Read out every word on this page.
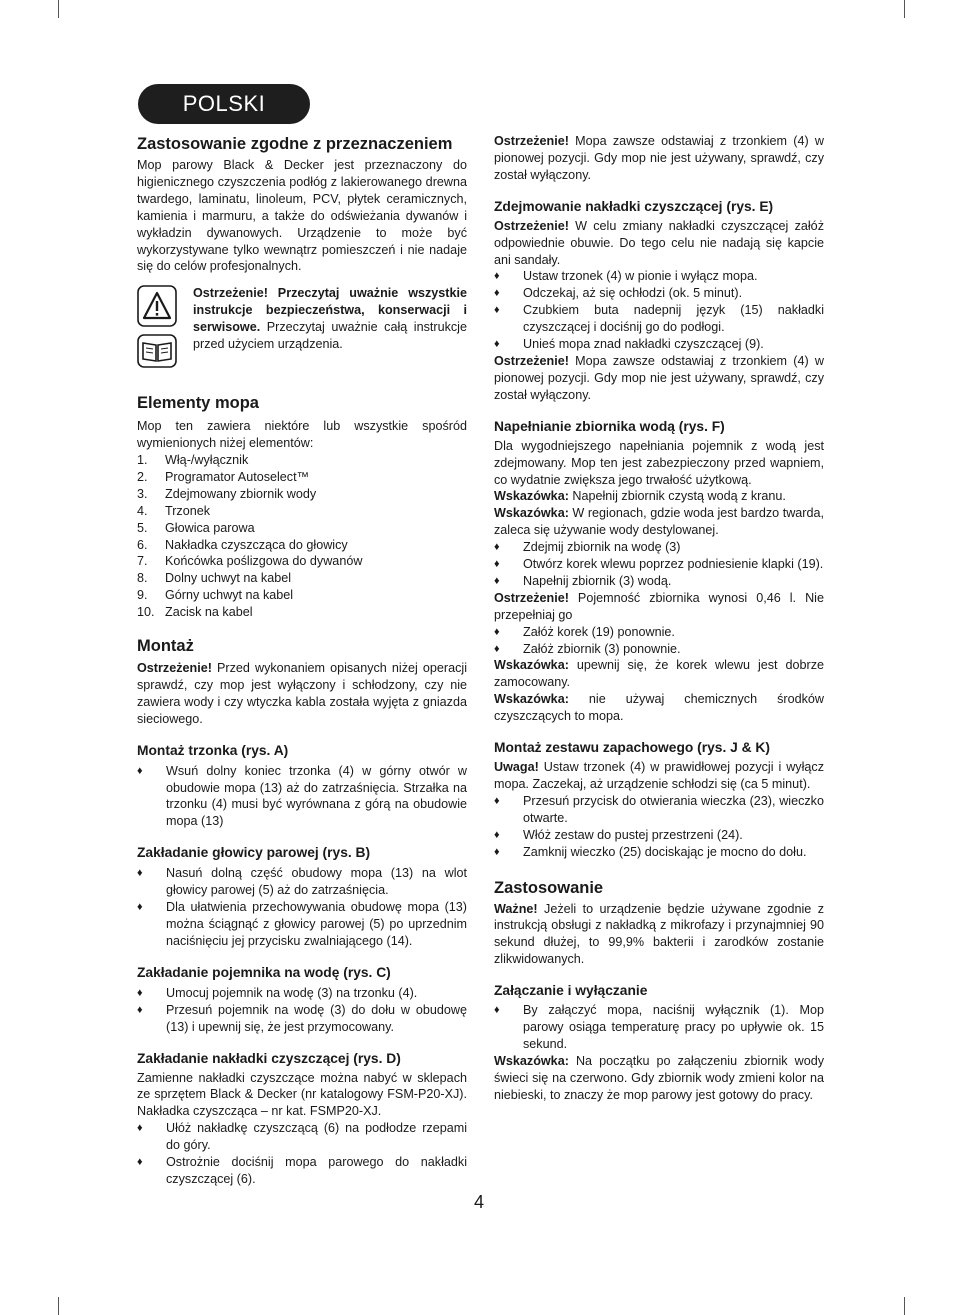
POLSKI
Zastosowanie zgodne z przeznaczeniem

Mop parowy Black & Decker jest przeznaczony do higienicznego czyszczenia podłóg z lakierowanego drewna twardego, laminatu, linoleum, PCV, płytek ceramicznych, kamienia i marmuru, a także do odświeżania dywanów i wykładzin dywanowych. Urządzenie to może być wykorzystywane tylko wewnątrz pomieszczeń i nie nadaje się do celów profesjonalnych.

Ostrzeżenie! Przeczytaj uważnie wszystkie instrukcje bezpieczeństwa, konserwacji i serwisowe. Przeczytaj uważnie całą instrukcje przed użyciem urządzenia.

Elementy mopa

Mop ten zawiera niektóre lub wszystkie spośród wymienionych niżej elementów:

1. Włą-/wyłącznik
2. Programator Autoselect™
3. Zdejmowany zbiornik wody
4. Trzonek
5. Głowica parowa
6. Nakładka czyszcząca do głowicy
7. Końcówka poślizgowa do dywanów
8. Dolny uchwyt na kabel
9. Górny uchwyt na kabel
10. Zacisk na kabel
Montaż

Ostrzeżenie! Przed wykonaniem opisanych niżej operacji sprawdź, czy mop jest wyłączony i schłodzony, czy nie zawiera wody i czy wtyczka kabla została wyjęta z gniazda sieciowego.

Montaż trzonka (rys. A)
♦ Wsuń dolny koniec trzonka (4) w górny otwór w obudowie mopa (13) aż do zatrzaśnięcia. Strzałka na trzonku (4) musi być wyrównana z górą na obudowie mopa (13)
Zakładanie głowicy parowej (rys. B)
♦ Nasuń dolną część obudowy mopa (13) na wlot głowicy parowej (5) aż do zatrzaśnięcia.
♦ Dla ułatwienia przechowywania obudowę mopa (13) można ściągnąć z głowicy parowej (5) po uprzednim naciśnięciu jej przycisku zwalniającego (14).
Zakładanie pojemnika na wodę (rys. C)
♦ Umocuj pojemnik na wodę (3) na trzonku (4).
♦ Przesuń pojemnik na wodę (3) do dołu w obudowę (13) i upewnij się, że jest przymocowany.
Zakładanie nakładki czyszczącej (rys. D)

Zamienne nakładki czyszczące można nabyć w sklepach ze sprzętem Black & Decker (nr katalogowy FSM-P20-XJ). Nakładka czyszcząca – nr kat. FSMP20-XJ.

♦ Ułóż nakładkę czyszczącą (6) na podłodze rzepami do góry.
♦ Ostrożnie dociśnij mopa parowego do nakładki czyszczącej (6).

Ostrzeżenie! Mopa zawsze odstawiaj z trzonkiem (4) w pionowej pozycji. Gdy mop nie jest używany, sprawdź, czy został wyłączony.

Zdejmowanie nakładki czyszczącej (rys. E)

Ostrzeżenie! W celu zmiany nakładki czyszczącej załóż odpowiednie obuwie. Do tego celu nie nadają się kapcie ani sandały.

♦ Ustaw trzonek (4) w pionie i wyłącz mopa.
♦ Odczekaj, aż się ochłodzi (ok. 5 minut).
♦ Czubkiem buta nadepnij język (15) nakładki czyszczącej i dociśnij go do podłogi.
♦ Unieś mopa znad nakładki czyszczącej (9).

Ostrzeżenie! Mopa zawsze odstawiaj z trzonkiem (4) w pionowej pozycji. Gdy mop nie jest używany, sprawdź, czy został wyłączony.

Napełnianie zbiornika wodą (rys. F)

Dla wygodniejszego napełniania pojemnik z wodą jest zdejmowany. Mop ten jest zabezpieczony przed wapniem, co wydatnie zwiększa jego trwałość użytkową.

Wskazówka: Napełnij zbiornik czystą wodą z kranu.

Wskazówka: W regionach, gdzie woda jest bardzo twarda, zaleca się używanie wody destylowanej.

♦ Zdejmij zbiornik na wodę (3)
♦ Otwórz korek wlewu poprzez podniesienie klapki (19).
♦ Napełnij zbiornik (3) wodą.

Ostrzeżenie! Pojemność zbiornika wynosi 0,46 l. Nie przepełniaj go

♦ Załóż korek (19) ponownie.
♦ Załóż zbiornik (3) ponownie.

Wskazówka: upewnij się, że korek wlewu jest dobrze zamocowany.

Wskazówka: nie używaj chemicznych środków czyszczących to mopa.

Montaż zestawu zapachowego (rys. J & K)

Uwaga! Ustaw trzonek (4) w prawidłowej pozycji i wyłącz mopa. Zaczekaj, aż urządzenie schłodzi się (ca 5 minut).

♦ Przesuń przycisk do otwierania wieczka (23), wieczko otwarte.
♦ Włóż zestaw do pustej przestrzeni (24).
♦ Zamknij wieczko (25) dociskając je mocno do dołu.
Zastosowanie

Ważne! Jeżeli to urządzenie będzie używane zgodnie z instrukcją obsługi z nakładką z mikrofazy i przynajmniej 90 sekund dłużej, to 99,9% bakterii i zarodków zostanie zlikwidowanych.

Załączanie i wyłączanie
♦ By załączyć mopa, naciśnij wyłącznik (1). Mop parowy osiąga temperaturę pracy po upływie ok. 15 sekund.

Wskazówka: Na początku po załączeniu zbiornik wody świeci się na czerwono. Gdy zbiornik wody zmieni kolor na niebieski, to znaczy że mop parowy jest gotowy do pracy.

4
